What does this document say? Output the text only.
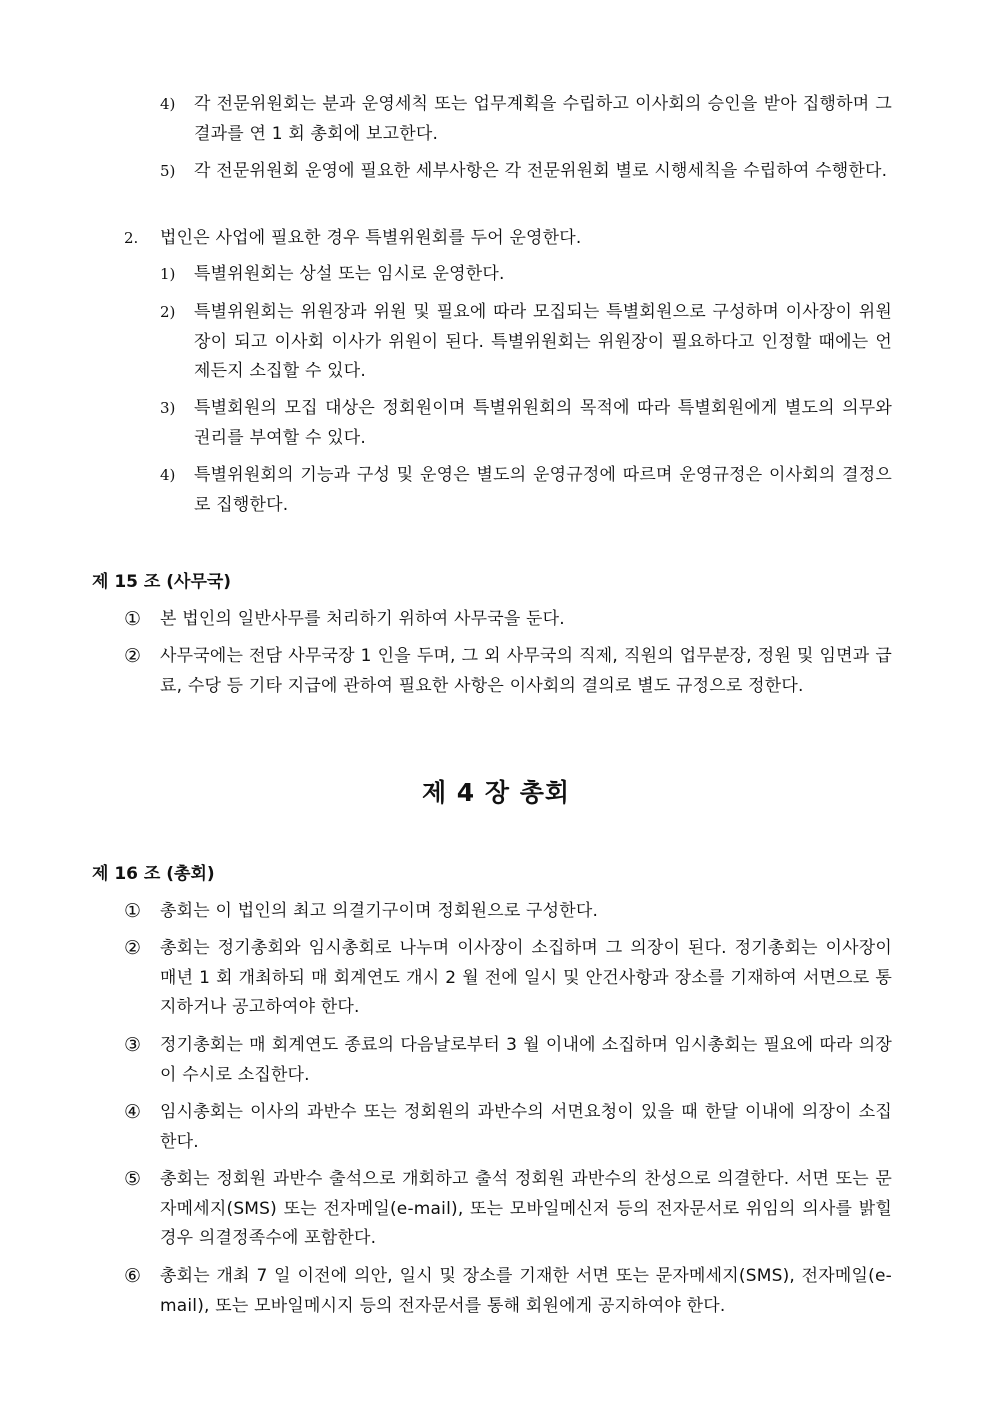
4)	각 전문위원회는 분과 운영세칙 또는 업무계획을 수립하고 이사회의 승인을 받아 집행하며 그 결과를 연 1 회 총회에 보고한다.
5)	각 전문위원회 운영에 필요한 세부사항은 각 전문위원회 별로 시행세칙을 수립하여 수행한다.
2.	법인은 사업에 필요한 경우 특별위원회를 두어 운영한다.
1)	특별위원회는 상설 또는 임시로 운영한다.
2)	특별위원회는 위원장과 위원 및 필요에 따라 모집되는 특별회원으로 구성하며 이사장이 위원장이 되고 이사회 이사가 위원이 된다. 특별위원회는 위원장이 필요하다고 인정할 때에는 언제든지 소집할 수 있다.
3)	특별회원의 모집 대상은 정회원이며 특별위원회의 목적에 따라 특별회원에게 별도의 의무와 권리를 부여할 수 있다.
4)	특별위원회의 기능과 구성 및 운영은 별도의 운영규정에 따르며 운영규정은 이사회의 결정으로 집행한다.
제 15 조 (사무국)
①	본 법인의 일반사무를 처리하기 위하여 사무국을 둔다.
②	사무국에는 전담 사무국장 1 인을 두며, 그 외 사무국의 직제, 직원의 업무분장, 정원 및 임면과 급료, 수당 등 기타 지급에 관하여 필요한 사항은 이사회의 결의로 별도 규정으로 정한다.
제 4 장 총회
제 16 조 (총회)
①	총회는 이 법인의 최고 의결기구이며 정회원으로 구성한다.
②	총회는 정기총회와 임시총회로 나누며 이사장이 소집하며 그 의장이 된다. 정기총회는 이사장이 매년 1 회 개최하되 매 회계연도 개시 2 월 전에 일시 및 안건사항과 장소를 기재하여 서면으로 통지하거나 공고하여야 한다.
③	정기총회는 매 회계연도 종료의 다음날로부터 3 월 이내에 소집하며 임시총회는 필요에 따라 의장이 수시로 소집한다.
④	임시총회는 이사의 과반수 또는 정회원의 과반수의 서면요청이 있을 때 한달 이내에 의장이 소집한다.
⑤	총회는 정회원 과반수 출석으로 개회하고 출석 정회원 과반수의 찬성으로 의결한다. 서면 또는 문자메세지(SMS) 또는 전자메일(e-mail), 또는 모바일메신저 등의 전자문서로 위임의 의사를 밝힐 경우 의결정족수에 포함한다.
⑥	총회는 개최 7 일 이전에 의안, 일시 및 장소를 기재한 서면 또는 문자메세지(SMS), 전자메일(e-mail), 또는 모바일메시지 등의 전자문서를 통해 회원에게 공지하여야 한다.
